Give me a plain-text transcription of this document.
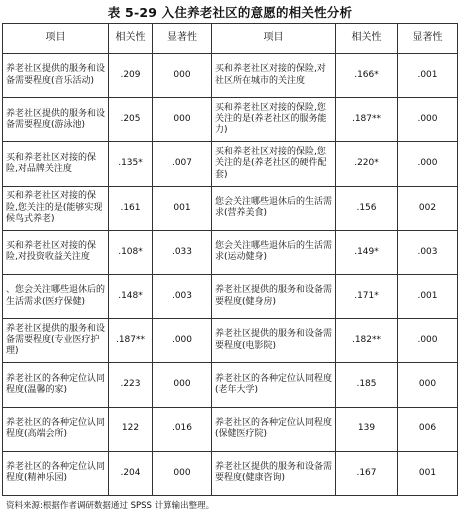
表 5-29 入住养老社区的意愿的相关性分析
项目	相关性	显著性	项目	相关性	显著性
养老社区提供的服务和设备需要程度(音乐活动)	.209	000	买和养老社区对接的保险,对社区所在城市的关注度	.166*	.001
养老社区提供的服务和设备需要程度(游泳池)	.205	000	买和养老社区对接的保险,您关注的是(养老社区的服务能力)	.187**	.000
买和养老社区对接的保险,对品牌关注度	.135*	.007	买和养老社区对接的保险,您关注的是(养老社区的硬件配套)	.220*	.000
买和养老社区对接的保险,您关注的是(能够实现候鸟式养老)	.161	001	您会关注哪些退休后的生活需求(营养美食)	.156	002
买和养老社区对接的保险,对投资收益关注度	.108*	.033	您会关注哪些退休后的生活需求(运动健身)	.149*	.003
、您会关注哪些退休后的生活需求(医疗保健)	.148*	.003	养老社区提供的服务和设备需要程度(健身房)	.171*	.001
养老社区提供的服务和设备需要程度(专业医疗护理)	.187**	.000	养老社区提供的服务和设备需要程度(电影院)	.182**	.000
养老社区的各种定位认同程度(温馨的家)	.223	000	养老社区的各种定位认同程度(老年大学)	.185	000
养老社区的各种定位认同程度(高端会所)	122	.016	养老社区的各种定位认同程度(保健医疗院)	139	006
养老社区的各种定位认同程度(精神乐园)	.204	000	养老社区提供的服务和设备需要程度(健康咨询)	.167	001
资料来源:根据作者调研数据通过 SPSS 计算输出整理。
